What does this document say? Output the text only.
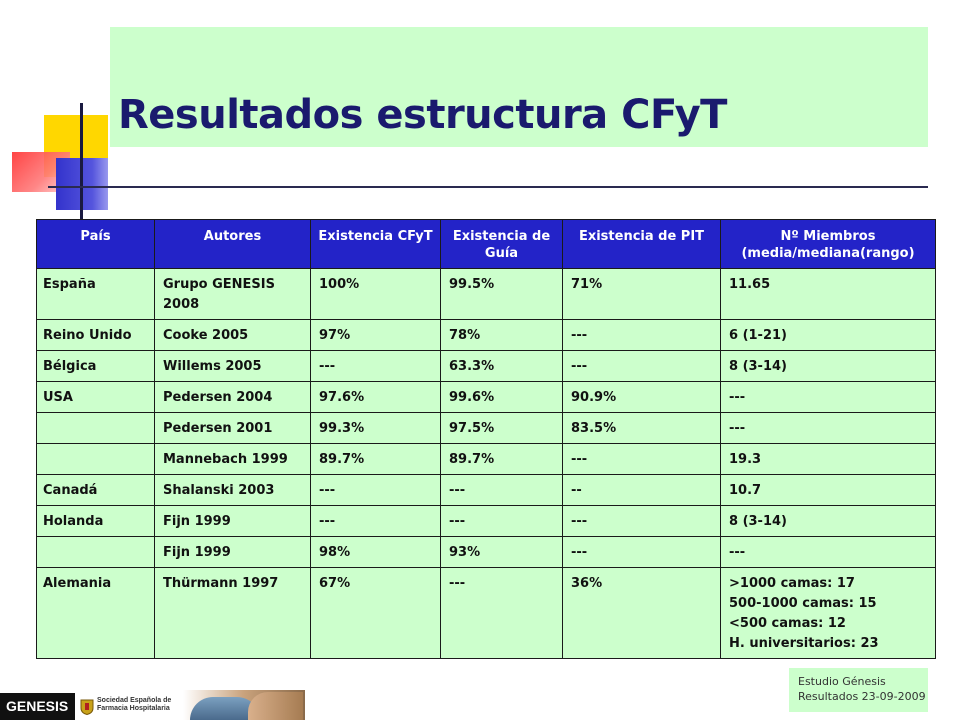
Resultados estructura CFyT
País	Autores	Existencia CFyT	Existencia de Guía	Existencia de PIT	Nº Miembros (media/mediana(rango)
España	Grupo GENESIS 2008	100%	99.5%	71%	11.65
Reino Unido	Cooke 2005	97%	78%	---	6 (1-21)
Bélgica	Willems 2005	---	63.3%	---	8 (3-14)
USA	Pedersen 2004	97.6%	99.6%	90.9%	---
	Pedersen 2001	99.3%	97.5%	83.5%	---
	Mannebach 1999	89.7%	89.7%	---	19.3
Canadá	Shalanski 2003	---	---	--	10.7
Holanda	Fijn 1999	---	---	---	8 (3-14)
	Fijn 1999	98%	93%	---	---
Alemania	Thürmann 1997	67%	---	36%	>1000 camas: 17
500-1000 camas: 15
<500 camas: 12
H. universitarios: 23
Estudio Génesis
Resultados 23-09-2009
GENESIS	Sociedad Española de
Farmacia Hospitalaria
